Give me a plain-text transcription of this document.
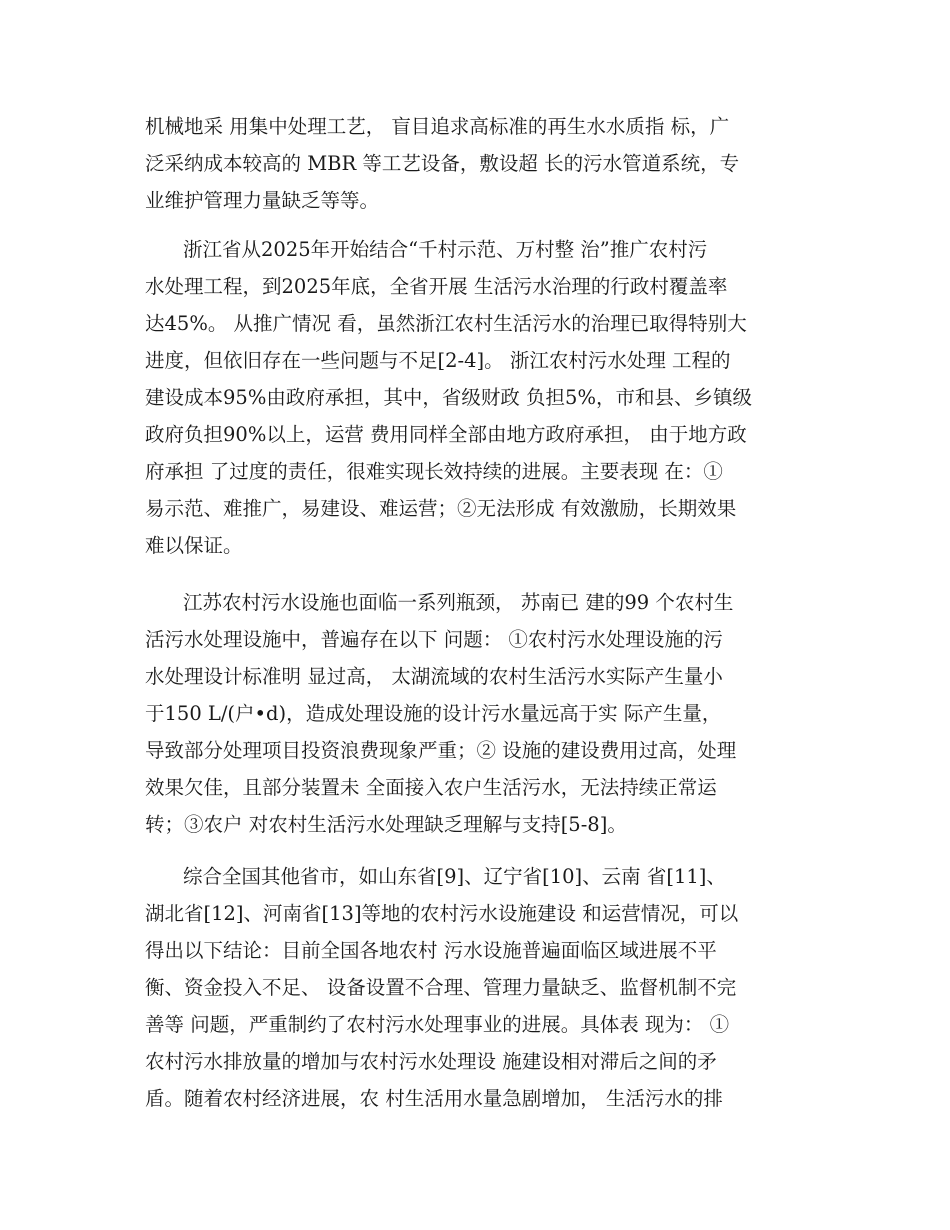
机械地采 用集中处理工艺， 盲目追求高标准的再生水水质指 标，广
泛采纳成本较高的 MBR 等工艺设备，敷设超 长的污水管道系统，专
业维护管理力量缺乏等等。
浙江省从2025年开始结合“千村示范、万村整 治”推广农村污
水处理工程，到2025年底，全省开展 生活污水治理的行政村覆盖率
达45%。 从推广情况 看，虽然浙江农村生活污水的治理已取得特别大
进度，但依旧存在一些问题与不足[2-4]。 浙江农村污水处理 工程的
建设成本95%由政府承担，其中，省级财政 负担5%，市和县、乡镇级
政府负担90%以上，运营 费用同样全部由地方政府承担， 由于地方政
府承担 了过度的责任，很难实现长效持续的进展。主要表现 在：①
易示范、难推广，易建设、难运营；②无法形成 有效激励，长期效果
难以保证。
江苏农村污水设施也面临一系列瓶颈， 苏南已 建的99 个农村生
活污水处理设施中，普遍存在以下 问题： ①农村污水处理设施的污
水处理设计标准明 显过高， 太湖流域的农村生活污水实际产生量小
于150 L/(户•d)，造成处理设施的设计污水量远高于实 际产生量，
导致部分处理项目投资浪费现象严重；② 设施的建设费用过高，处理
效果欠佳，且部分装置未 全面接入农户生活污水，无法持续正常运
转；③农户 对农村生活污水处理缺乏理解与支持[5-8]。
综合全国其他省市，如山东省[9]、辽宁省[10]、云南 省[11]、
湖北省[12]、河南省[13]等地的农村污水设施建设 和运营情况，可以
得出以下结论：目前全国各地农村 污水设施普遍面临区域进展不平
衡、资金投入不足、 设备设置不合理、管理力量缺乏、监督机制不完
善等 问题，严重制约了农村污水处理事业的进展。具体表 现为： ①
农村污水排放量的增加与农村污水处理设 施建设相对滞后之间的矛
盾。随着农村经济进展，农 村生活用水量急剧增加， 生活污水的排
